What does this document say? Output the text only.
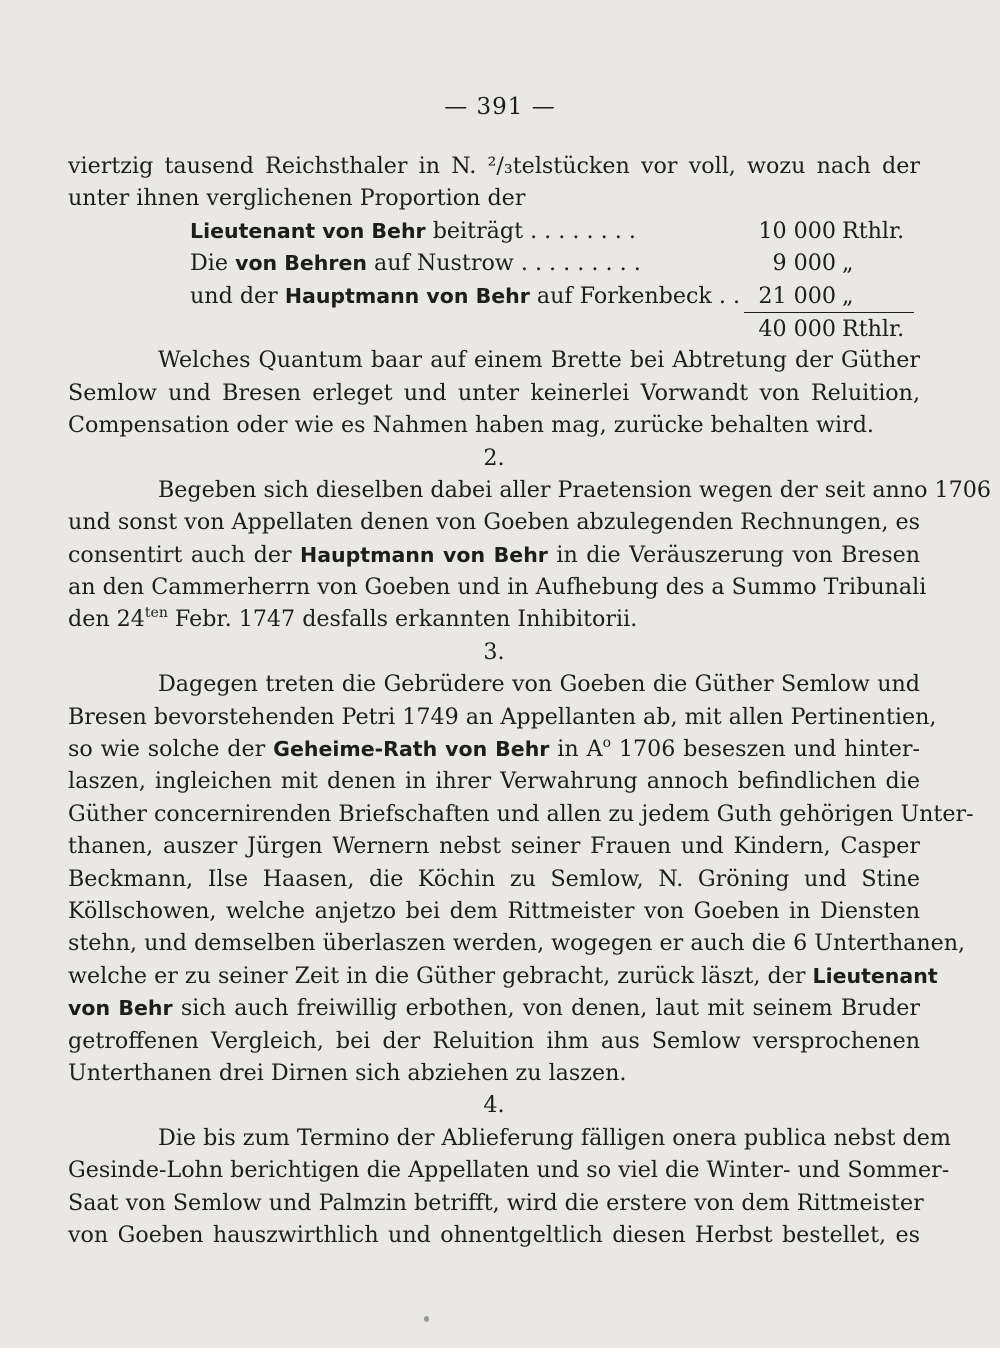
— 391 —
viertzig tausend Reichsthaler in N. ²/₃telstücken vor voll, wozu nach der
unter ihnen verglichenen Proportion der
Lieutenant von Behr beiträgt . . . . . . . .	10 000 Rthlr.
Die von Behren auf Nustrow . . . . . . . . .	9 000 „
und der Hauptmann von Behr auf Forkenbeck . . 21 000 „
40 000 Rthlr.
Welches Quantum baar auf einem Brette bei Abtretung der Güther
Semlow und Bresen erleget und unter keinerlei Vorwandt von Reluition,
Compensation oder wie es Nahmen haben mag, zurücke behalten wird.
2.
Begeben sich dieselben dabei aller Praetension wegen der seit anno 1706
und sonst von Appellaten denen von Goeben abzulegenden Rechnungen, es
consentirt auch der Hauptmann von Behr in die Veräuszerung von Bresen
an den Cammerherrn von Goeben und in Aufhebung des a Summo Tribunali
den $24^{ten}$ Febr. 1747 desfalls erkannten Inhibitorii.
3.
Dagegen treten die Gebrüdere von Goeben die Güther Semlow und
Bresen bevorstehenden Petri 1749 an Appellanten ab, mit allen Pertinentien,
so wie solche der Geheime-Rath von Behr in $A^o$ 1706 beseszen und hinter-
laszen, ingleichen mit denen in ihrer Verwahrung annoch befindlichen die
Güther concernirenden Briefschaften und allen zu jedem Guth gehörigen Unter-
thanen, auszer Jürgen Wernern nebst seiner Frauen und Kindern, Casper
Beckmann, Ilse Haasen, die Köchin zu Semlow, N. Gröning und Stine
Köllschowen, welche anjetzo bei dem Rittmeister von Goeben in Diensten
stehn, und demselben überlaszen werden, wogegen er auch die 6 Unterthanen,
welche er zu seiner Zeit in die Güther gebracht, zurück läszt, der Lieutenant
von Behr sich auch freiwillig erbothen, von denen, laut mit seinem Bruder
getroffenen Vergleich, bei der Reluition ihm aus Semlow versprochenen
Unterthanen drei Dirnen sich abziehen zu laszen.
4.
Die bis zum Termino der Ablieferung fälligen onera publica nebst dem
Gesinde-Lohn berichtigen die Appellaten und so viel die Winter- und Sommer-
Saat von Semlow und Palmzin betrifft, wird die erstere von dem Rittmeister
von Goeben hauszwirthlich und ohnentgeltlich diesen Herbst bestellet, es
